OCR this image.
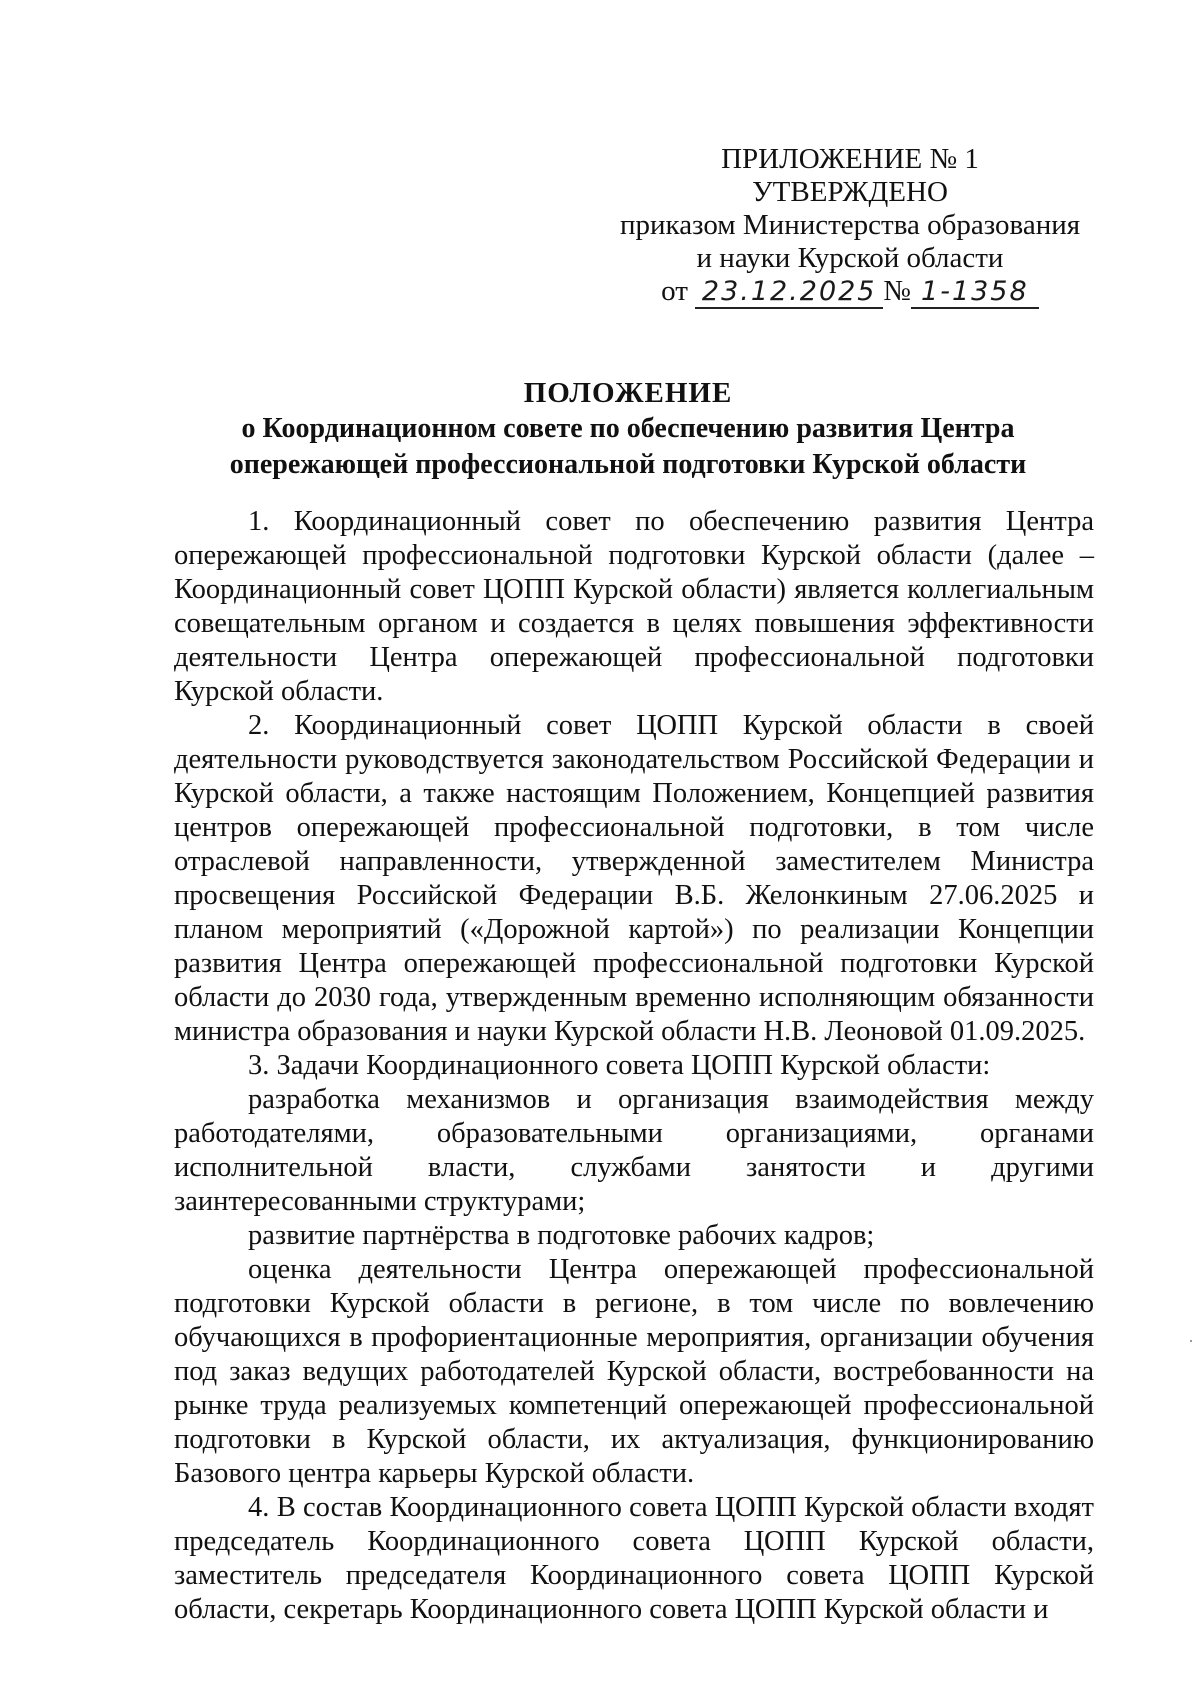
ПРИЛОЖЕНИЕ № 1
УТВЕРЖДЕНО
приказом Министерства образования
и науки Курской области
от 23.12.2025 № 1-1358
ПОЛОЖЕНИЕ
о Координационном совете по обеспечению развития Центра
опережающей профессиональной подготовки Курской области

1. Координационный совет по обеспечению развития Центра опережающей профессиональной подготовки Курской области (далее – Координационный совет ЦОПП Курской области) является коллегиальным совещательным органом и создается в целях повышения эффективности деятельности Центра опережающей профессиональной подготовки Курской области.

2. Координационный совет ЦОПП Курской области в своей деятельности руководствуется законодательством Российской Федерации и Курской области, а также настоящим Положением, Концепцией развития центров опережающей профессиональной подготовки, в том числе отраслевой направленности, утвержденной заместителем Министра просвещения Российской Федерации В.Б. Желонкиным 27.06.2025 и планом мероприятий («Дорожной картой») по реализации Концепции развития Центра опережающей профессиональной подготовки Курской области до 2030 года, утвержденным временно исполняющим обязанности министра образования и науки Курской области Н.В. Леоновой 01.09.2025.

3. Задачи Координационного совета ЦОПП Курской области:

разработка механизмов и организация взаимодействия между работодателями, образовательными организациями, органами исполнительной власти, службами занятости и другими заинтересованными структурами;

развитие партнёрства в подготовке рабочих кадров;

оценка деятельности Центра опережающей профессиональной подготовки Курской области в регионе, в том числе по вовлечению обучающихся в профориентационные мероприятия, организации обучения под заказ ведущих работодателей Курской области, востребованности на рынке труда реализуемых компетенций опережающей профессиональной подготовки в Курской области, их актуализация, функционированию Базового центра карьеры Курской области.

4. В состав Координационного совета ЦОПП Курской области входят председатель Координационного совета ЦОПП Курской области, заместитель председателя Координационного совета ЦОПП Курской области, секретарь Координационного совета ЦОПП Курской области и
